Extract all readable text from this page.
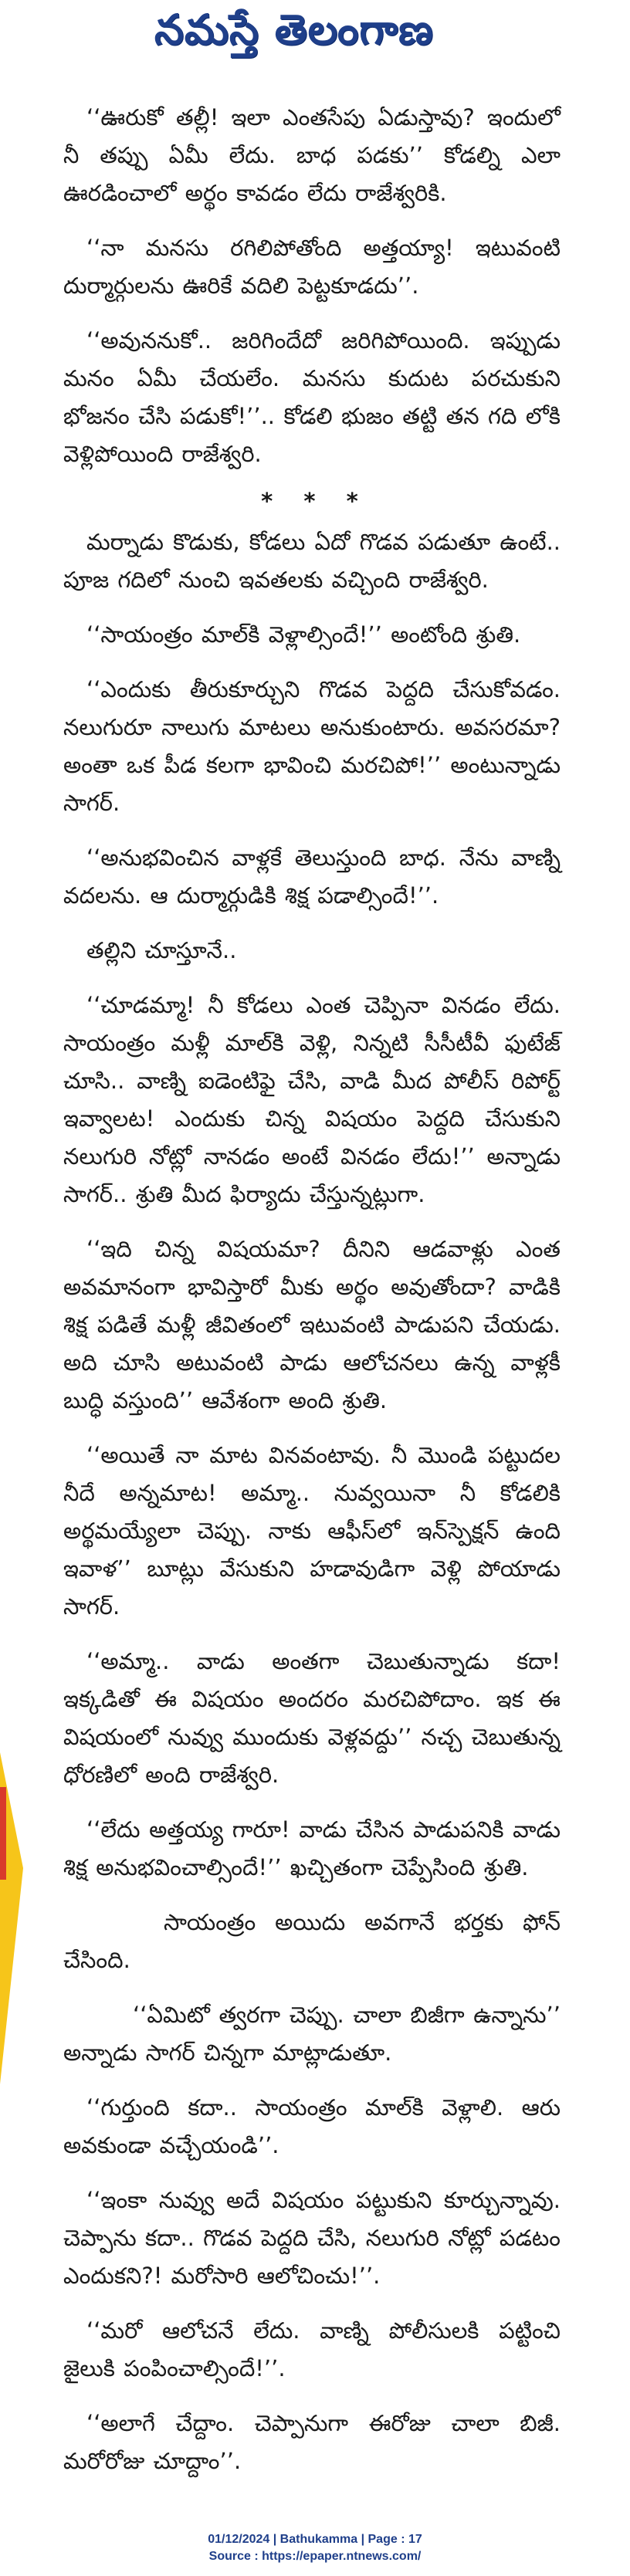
నమస్తే తెలంగాణ

‘‘ఊరుకో తల్లీ! ఇలా ఎంతసేపు ఏడుస్తావు? ఇందులో నీ తప్పు ఏమీ లేదు. బాధ పడకు’’ కోడల్ని ఎలా ఊరడించాలో అర్థం కావడం లేదు రాజేశ్వరికి.

‘‘నా మనసు రగిలిపోతోంది అత్తయ్యా! ఇటువంటి దుర్మార్గులను ఊరికే వదిలి పెట్టకూడదు’’.

‘‘అవుననుకో.. జరిగిందేదో జరిగిపోయింది. ఇప్పుడు మనం ఏమీ చేయలేం. మనసు కుదుట పరచుకుని భోజనం చేసి పడుకో!’’.. కోడలి భుజం తట్టి తన గది లోకి వెళ్లిపోయింది రాజేశ్వరి.

* * *

మర్నాడు కొడుకు, కోడలు ఏదో గొడవ పడుతూ ఉంటే.. పూజ గదిలో నుంచి ఇవతలకు వచ్చింది రాజేశ్వరి.

‘‘సాయంత్రం మాల్‌కి వెళ్లాల్సిందే!’’ అంటోంది శ్రుతి.

‘‘ఎందుకు తీరుకూర్చుని గొడవ పెద్దది చేసుకోవడం. నలుగురూ నాలుగు మాటలు అనుకుంటారు. అవసరమా? అంతా ఒక పీడ కలగా భావించి మరచిపో!’’ అంటున్నాడు సాగర్.

‘‘అనుభవించిన వాళ్లకే తెలుస్తుంది బాధ. నేను వాణ్ని వదలను. ఆ దుర్మార్గుడికి శిక్ష పడాల్సిందే!’’.

తల్లిని చూస్తూనే..

‘‘చూడమ్మా! నీ కోడలు ఎంత చెప్పినా వినడం లేదు. సాయంత్రం మళ్లీ మాల్‌కి వెళ్లి, నిన్నటి సీసీటీవీ ఫుటేజ్ చూసి.. వాణ్ని ఐడెంటిఫై చేసి, వాడి మీద పోలీస్ రిపోర్ట్ ఇవ్వాలట! ఎందుకు చిన్న విషయం పెద్దది చేసుకుని నలుగురి నోట్లో నానడం అంటే వినడం లేదు!’’ అన్నాడు సాగర్.. శ్రుతి మీద ఫిర్యాదు చేస్తున్నట్లుగా.

‘‘ఇది చిన్న విషయమా? దీనిని ఆడవాళ్లు ఎంత అవమానంగా భావిస్తారో మీకు అర్థం అవుతోందా? వాడికి శిక్ష పడితే మళ్లీ జీవితంలో ఇటువంటి పాడుపని చేయడు. అది చూసి అటువంటి పాడు ఆలోచనలు ఉన్న వాళ్లకీ బుద్ధి వస్తుంది’’ ఆవేశంగా అంది శ్రుతి.

‘‘అయితే నా మాట వినవంటావు. నీ మొండి పట్టుదల నీదే అన్నమాట! అమ్మా.. నువ్వయినా నీ కోడలికి అర్థమయ్యేలా చెప్పు. నాకు ఆఫీస్‌లో ఇన్‌స్పెక్షన్ ఉంది ఇవాళ’’ బూట్లు వేసుకుని హడావుడిగా వెళ్లి పోయాడు సాగర్.

‘‘అమ్మా.. వాడు అంతగా చెబుతున్నాడు కదా! ఇక్కడితో ఈ విషయం అందరం మరచిపోదాం. ఇక ఈ విషయంలో నువ్వు ముందుకు వెళ్లవద్దు’’ నచ్చ చెబుతున్న ధోరణిలో అంది రాజేశ్వరి.

‘‘లేదు అత్తయ్య గారూ! వాడు చేసిన పాడుపనికి వాడు శిక్ష అనుభవించాల్సిందే!’’ ఖచ్చితంగా చెప్పేసింది శ్రుతి.

సాయంత్రం అయిదు అవగానే భర్తకు ఫోన్ చేసింది.

‘‘ఏమిటో త్వరగా చెప్పు. చాలా బిజీగా ఉన్నాను’’ అన్నాడు సాగర్ చిన్నగా మాట్లాడుతూ.

‘‘గుర్తుంది కదా.. సాయంత్రం మాల్‌కి వెళ్లాలి. ఆరు అవకుండా వచ్చేయండి’’.

‘‘ఇంకా నువ్వు అదే విషయం పట్టుకుని కూర్చున్నావు. చెప్పాను కదా.. గొడవ పెద్దది చేసి, నలుగురి నోట్లో పడటం ఎందుకని?! మరోసారి ఆలోచించు!’’.

‘‘మరో ఆలోచనే లేదు. వాణ్ని పోలీసులకి పట్టించి జైలుకి పంపించాల్సిందే!’’.

‘‘అలాగే చేద్దాం. చెప్పానుగా ఈరోజు చాలా బిజీ. మరోరోజు చూద్దాం’’.

01/12/2024 | Bathukamma | Page : 17
Source : https://epaper.ntnews.com/
